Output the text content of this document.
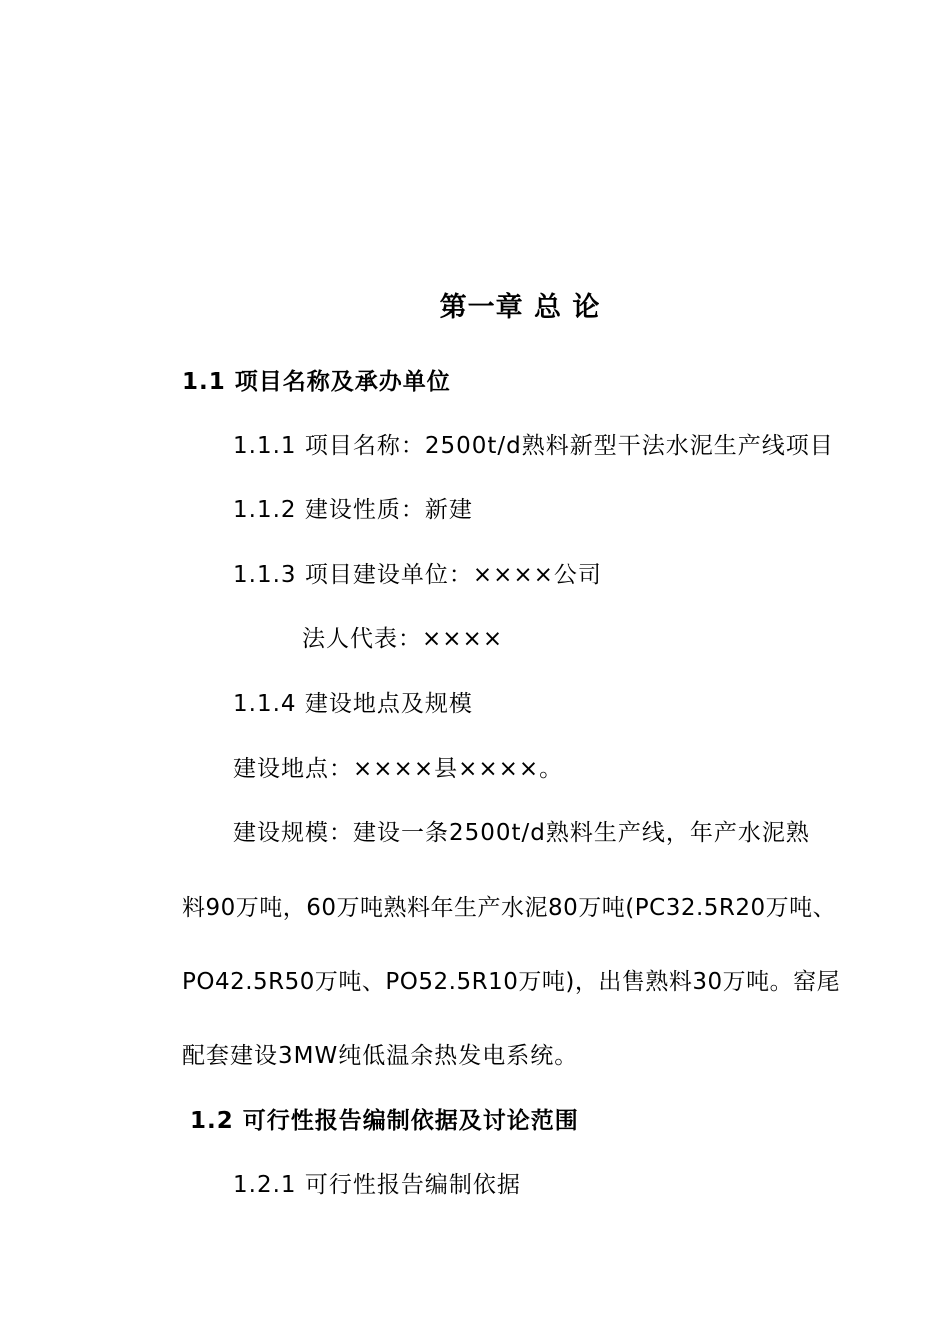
第一章 总 论
1.1 项目名称及承办单位
1.1.1 项目名称：2500t/d熟料新型干法水泥生产线项目
1.1.2 建设性质：新建
1.1.3 项目建设单位：××××公司
法人代表：××××
1.1.4 建设地点及规模
建设地点：××××县××××。
建设规模：建设一条2500t/d熟料生产线，年产水泥熟
料90万吨，60万吨熟料年生产水泥80万吨(PC32.5R20万吨、
PO42.5R50万吨、PO52.5R10万吨)，出售熟料30万吨。窑尾
配套建设3MW纯低温余热发电系统。
1.2 可行性报告编制依据及讨论范围
1.2.1 可行性报告编制依据
